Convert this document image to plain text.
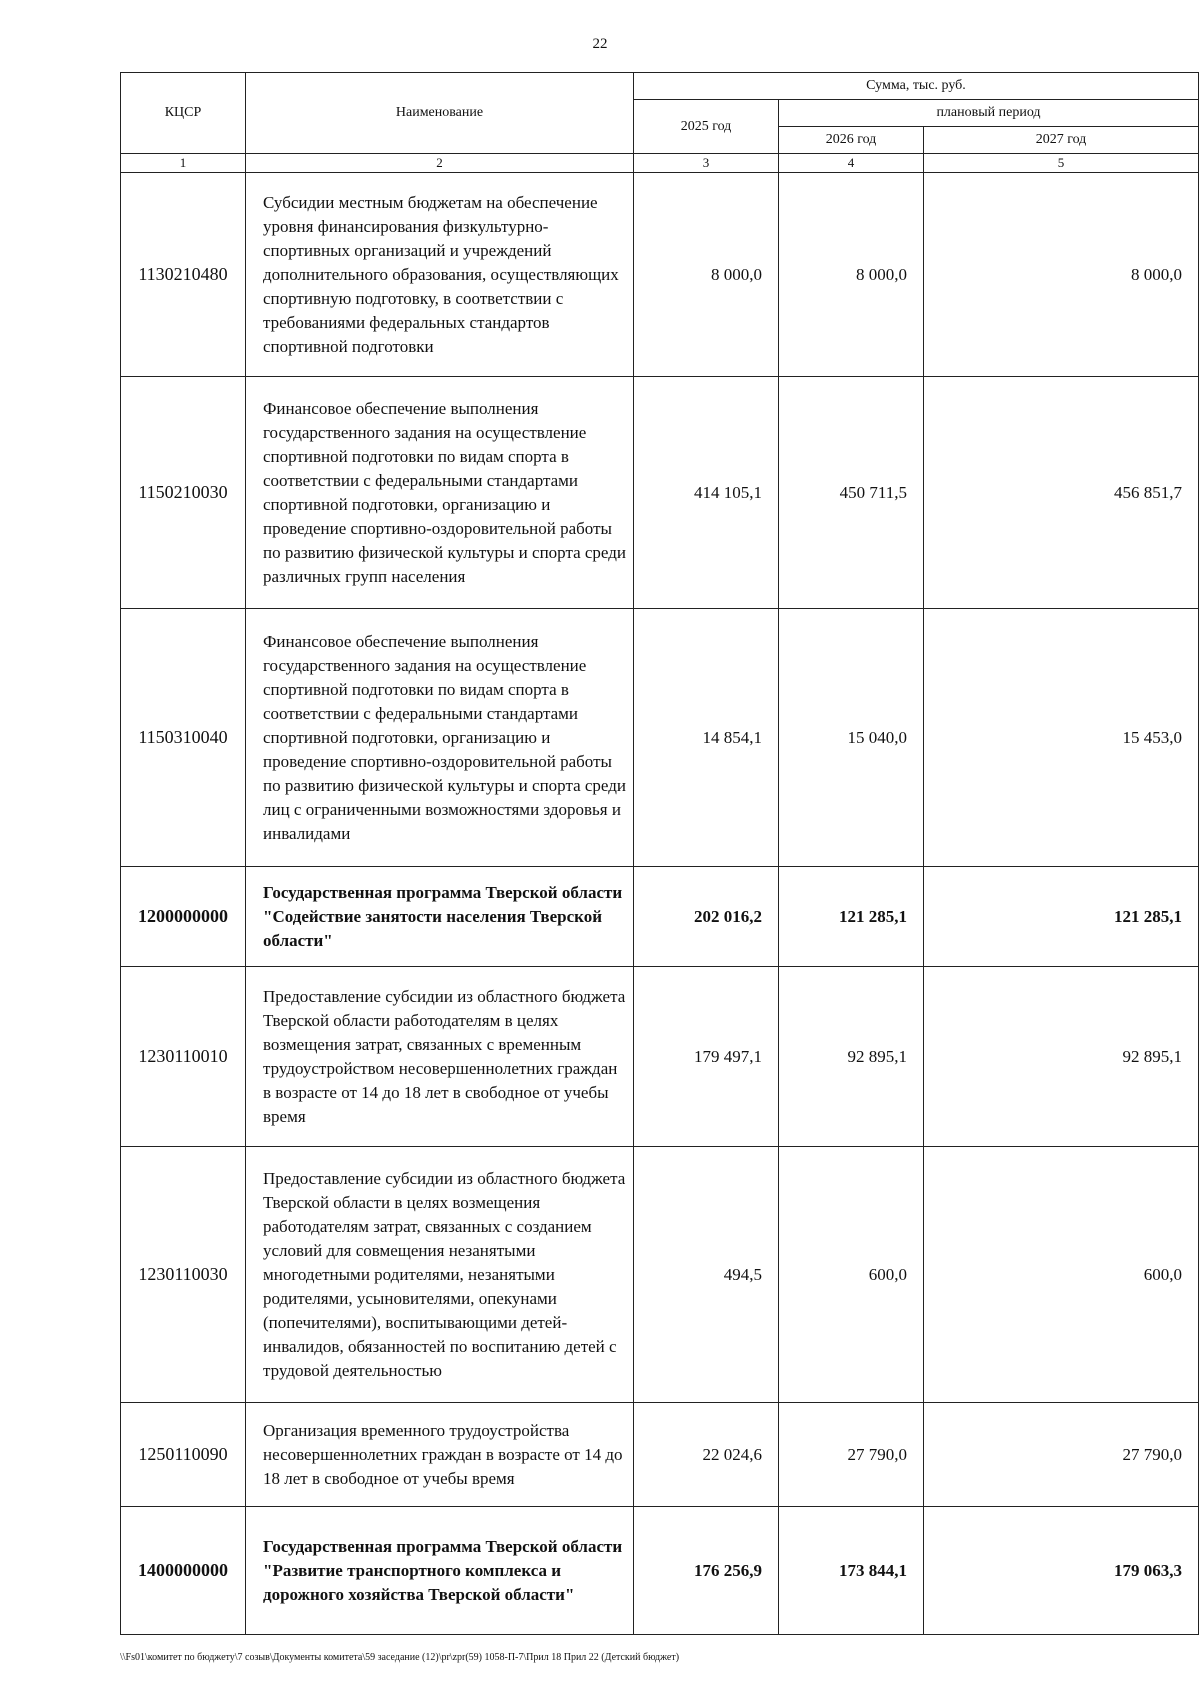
22
КЦСР	Наименование	Сумма, тыс. руб.		
		2025 год	плановый период	
			2026 год	2027 год
1	2	3	4	5
1130210480	Субсидии местным бюджетам на обеспечение уровня финансирования физкультурно-спортивных организаций и учреждений дополнительного образования, осуществляющих спортивную подготовку, в соответствии с требованиями федеральных стандартов спортивной подготовки	8 000,0	8 000,0	8 000,0
1150210030	Финансовое обеспечение выполнения государственного задания на осуществление спортивной подготовки по видам спорта в соответствии с федеральными стандартами спортивной подготовки, организацию и проведение спортивно-оздоровительной работы по развитию физической культуры и спорта среди различных групп населения	414 105,1	450 711,5	456 851,7
1150310040	Финансовое обеспечение выполнения государственного задания на осуществление спортивной подготовки по видам спорта в соответствии с федеральными стандартами спортивной подготовки, организацию и проведение спортивно-оздоровительной работы по развитию физической культуры и спорта среди лиц с ограниченными возможностями здоровья и инвалидами	14 854,1	15 040,0	15 453,0
1200000000	Государственная программа Тверской области "Содействие занятости населения Тверской области"	202 016,2	121 285,1	121 285,1
1230110010	Предоставление субсидии из областного бюджета Тверской области работодателям в целях возмещения затрат, связанных с временным трудоустройством несовершеннолетних граждан в возрасте от 14 до 18 лет в свободное от учебы время	179 497,1	92 895,1	92 895,1
1230110030	Предоставление субсидии из областного бюджета Тверской области в целях возмещения работодателям затрат, связанных с созданием условий для совмещения незанятыми многодетными родителями, незанятыми родителями, усыновителями, опекунами (попечителями), воспитывающими детей-инвалидов, обязанностей по воспитанию детей с трудовой деятельностью	494,5	600,0	600,0
1250110090	Организация временного трудоустройства несовершеннолетних граждан в возрасте от 14 до 18 лет в свободное от учебы время	22 024,6	27 790,0	27 790,0
1400000000	Государственная программа Тверской области "Развитие транспортного комплекса и дорожного хозяйства Тверской области"	176 256,9	173 844,1	179 063,3
\\Fs01\комитет по бюджету\7 созыв\Документы комитета\59 заседание (12)\pr\zpr(59) 1058-П-7\Прил 18 Прил 22 (Детский бюджет)
